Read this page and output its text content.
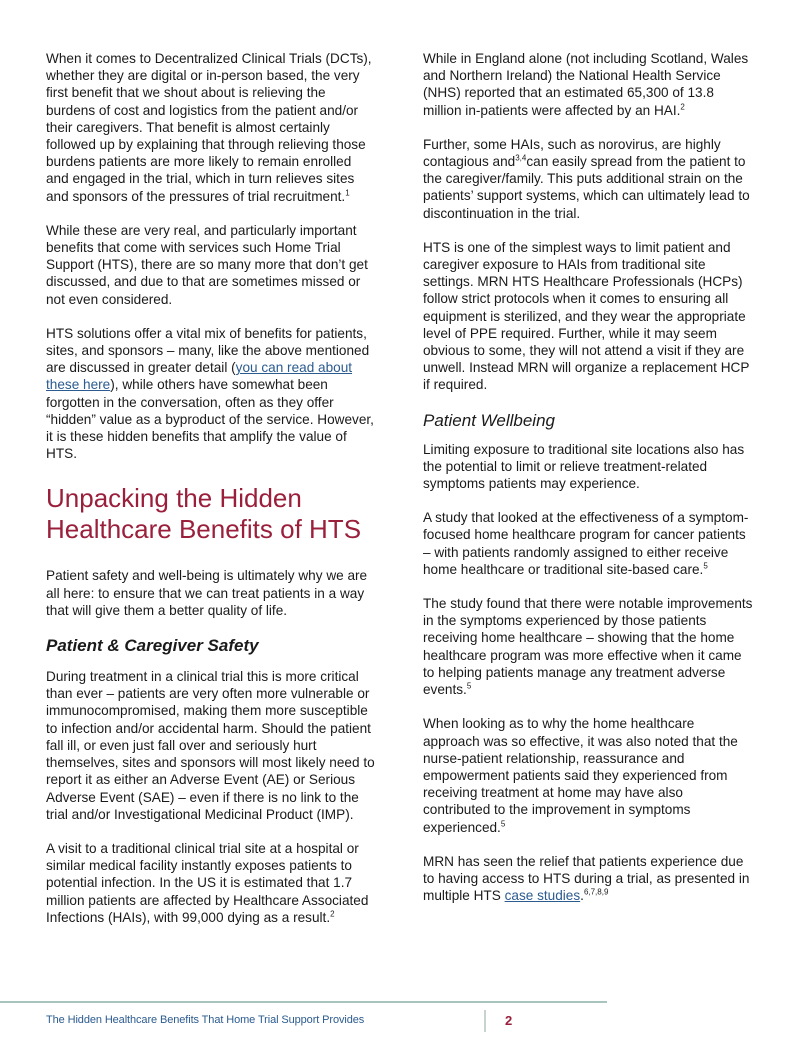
When it comes to Decentralized Clinical Trials (DCTs), whether they are digital or in-person based, the very first benefit that we shout about is relieving the burdens of cost and logistics from the patient and/or their caregivers. That benefit is almost certainly followed up by explaining that through relieving those burdens patients are more likely to remain enrolled and engaged in the trial, which in turn relieves sites and sponsors of the pressures of trial recruitment.$^1$

While these are very real, and particularly important benefits that come with services such Home Trial Support (HTS), there are so many more that don’t get discussed, and due to that are sometimes missed or not even considered.

HTS solutions offer a vital mix of benefits for patients, sites, and sponsors – many, like the above mentioned are discussed in greater detail (you can read about these here), while others have somewhat been forgotten in the conversation, often as they offer “hidden” value as a byproduct of the service. However, it is these hidden benefits that amplify the value of HTS.

Unpacking the Hidden Healthcare Benefits of HTS

Patient safety and well-being is ultimately why we are all here: to ensure that we can treat patients in a way that will give them a better quality of life.

Patient & Caregiver Safety

During treatment in a clinical trial this is more critical than ever – patients are very often more vulnerable or immunocompromised, making them more susceptible to infection and/or accidental harm. Should the patient fall ill, or even just fall over and seriously hurt themselves, sites and sponsors will most likely need to report it as either an Adverse Event (AE) or Serious Adverse Event (SAE) – even if there is no link to the trial and/or Investigational Medicinal Product (IMP).

A visit to a traditional clinical trial site at a hospital or similar medical facility instantly exposes patients to potential infection. In the US it is estimated that 1.7 million patients are affected by Healthcare Associated Infections (HAIs), with 99,000 dying as a result.$^2$

While in England alone (not including Scotland, Wales and Northern Ireland) the National Health Service (NHS) reported that an estimated 65,300 of 13.8 million in-patients were affected by an HAI.$^2$

Further, some HAIs, such as norovirus, are highly contagious and$^{3,4}$can easily spread from the patient to the caregiver/family. This puts additional strain on the patients’ support systems, which can ultimately lead to discontinuation in the trial.

HTS is one of the simplest ways to limit patient and caregiver exposure to HAIs from traditional site settings. MRN HTS Healthcare Professionals (HCPs) follow strict protocols when it comes to ensuring all equipment is sterilized, and they wear the appropriate level of PPE required. Further, while it may seem obvious to some, they will not attend a visit if they are unwell. Instead MRN will organize a replacement HCP if required.

Patient Wellbeing

Limiting exposure to traditional site locations also has the potential to limit or relieve treatment-related symptoms patients may experience.

A study that looked at the effectiveness of a symptom-focused home healthcare program for cancer patients – with patients randomly assigned to either receive home healthcare or traditional site-based care.$^5$

The study found that there were notable improvements in the symptoms experienced by those patients receiving home healthcare – showing that the home healthcare program was more effective when it came to helping patients manage any treatment adverse events.$^5$

When looking as to why the home healthcare approach was so effective, it was also noted that the nurse-patient relationship, reassurance and empowerment patients said they experienced from receiving treatment at home may have also contributed to the improvement in symptoms experienced.$^5$

MRN has seen the relief that patients experience due to having access to HTS during a trial, as presented in multiple HTS case studies.$^{6,7,8,9}$

The Hidden Healthcare Benefits That Home Trial Support Provides	2
